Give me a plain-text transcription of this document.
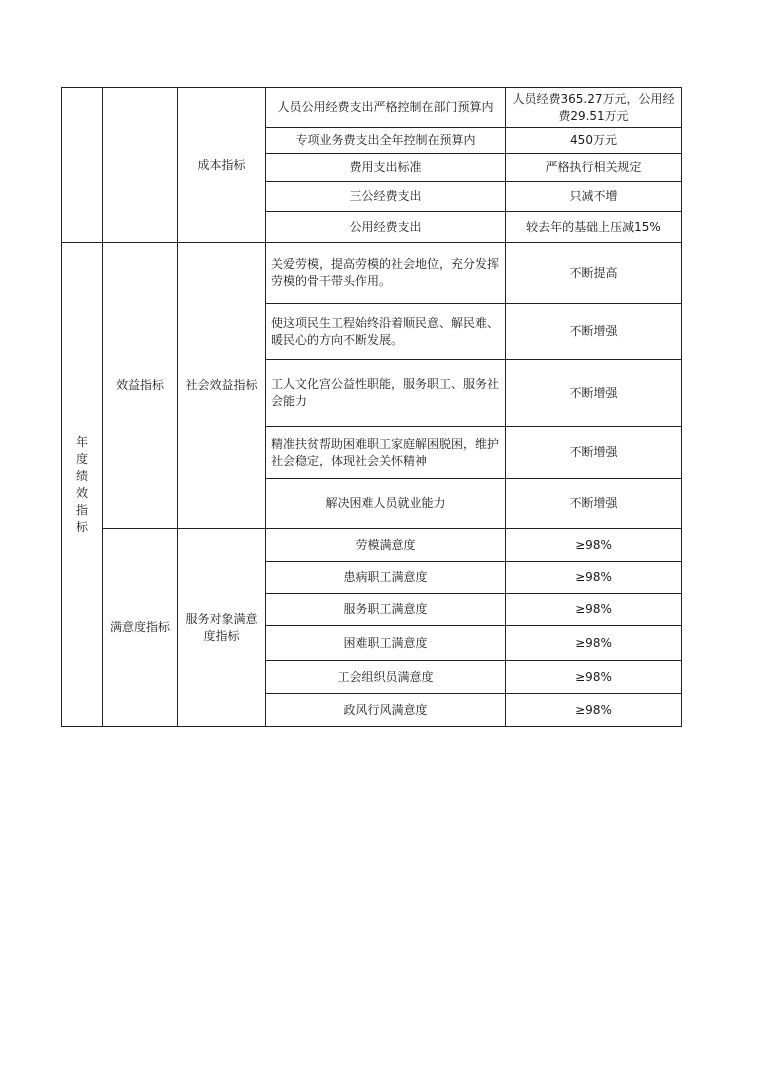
		成本指标	人员公用经费支出严格控制在部门预算内	人员经费365.27万元，公用经费29.51万元
			专项业务费支出全年控制在预算内	450万元
			费用支出标准	严格执行相关规定
			三公经费支出	只减不增
			公用经费支出	较去年的基础上压减15%
年度绩效指标	效益指标	社会效益指标	关爱劳模，提高劳模的社会地位，充分发挥劳模的骨干带头作用。	不断提高
			使这项民生工程始终沿着顺民意、解民难、暖民心的方向不断发展。	不断增强
			工人文化宫公益性职能，服务职工、服务社会能力	不断增强
			精准扶贫帮助困难职工家庭解困脱困，维护社会稳定，体现社会关怀精神	不断增强
			解决困难人员就业能力	不断增强
	满意度指标	服务对象满意度指标	劳模满意度	≥98%
			患病职工满意度	≥98%
			服务职工满意度	≥98%
			困难职工满意度	≥98%
			工会组织员满意度	≥98%
			政风行风满意度	≥98%
